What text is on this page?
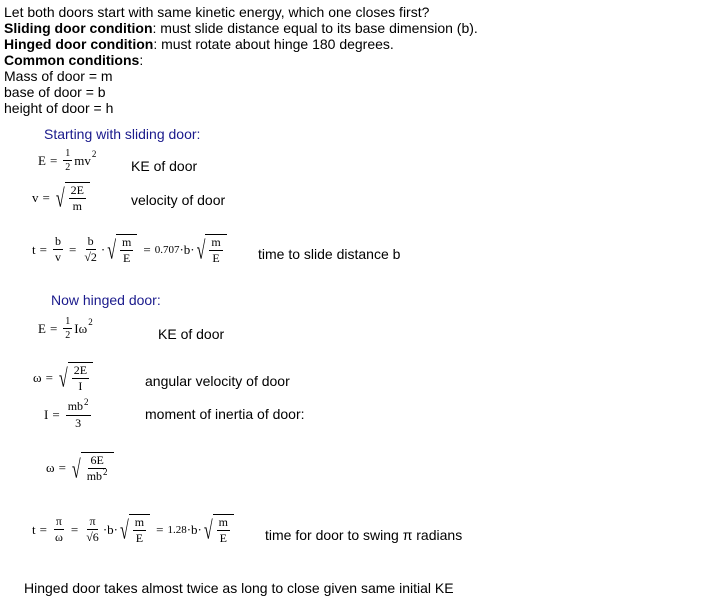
Let both doors start with same kinetic energy, which one closes first?
Sliding door condition: must slide distance equal to its base dimension (b).
Hinged door condition: must rotate about hinge 180 degrees.
Common conditions:
Mass of door = m
base of door = b
height of door = h
Starting with sliding door:
$E = \frac{1}{2}$ mv 2
KE of door
v = √ $\frac{2E}{m}$	velocity of door
$t = \frac{b}{v} = \frac{b}{√2}$ · √ $\frac{m}{E} = 0.707 \cdot b\cdot$ √ $\frac{m}{E}$	time to slide distance b
Now hinged door:
$E = \frac{1}{2}$ Iω 2
KE of door
ω = √ $\frac{2E}{I}$	angular velocity of door
$I = \frac{mb^2}{3}$	moment of inertia of door:
ω = √ $\frac{6E}{mb^2}$
$t = \frac{\pi}{\omega} = \frac{\pi}{√6} \cdot b\cdot$ √ $\frac{m}{E} = 1.28 \cdot b\cdot$ √ $\frac{m}{E}$	time for door to swing π radians
Hinged door takes almost twice as long to close given same initial KE
